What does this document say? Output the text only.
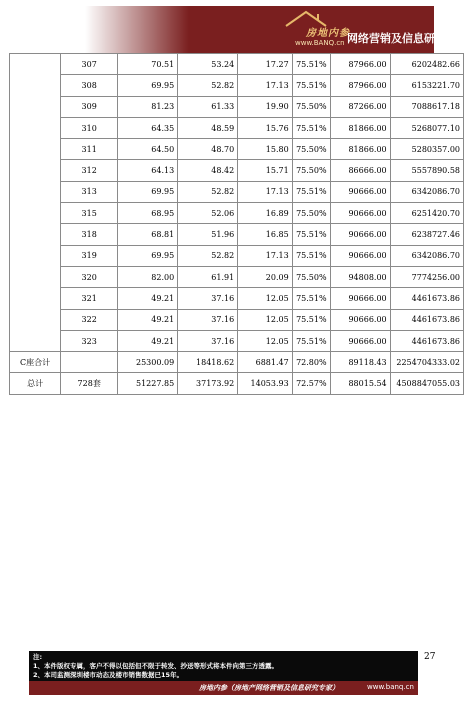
房地内参
www.BANQ.cn 网络营销及信息研究专家
	307	70.51	53.24	17.27	75.51%	87966.00	6202482.66
	308	69.95	52.82	17.13	75.51%	87966.00	6153221.70
	309	81.23	61.33	19.90	75.50%	87266.00	7088617.18
	310	64.35	48.59	15.76	75.51%	81866.00	5268077.10
	311	64.50	48.70	15.80	75.50%	81866.00	5280357.00
	312	64.13	48.42	15.71	75.50%	86666.00	5557890.58
	313	69.95	52.82	17.13	75.51%	90666.00	6342086.70
	315	68.95	52.06	16.89	75.50%	90666.00	6251420.70
	318	68.81	51.96	16.85	75.51%	90666.00	6238727.46
	319	69.95	52.82	17.13	75.51%	90666.00	6342086.70
	320	82.00	61.91	20.09	75.50%	94808.00	7774256.00
	321	49.21	37.16	12.05	75.51%	90666.00	4461673.86
	322	49.21	37.16	12.05	75.51%	90666.00	4461673.86
	323	49.21	37.16	12.05	75.51%	90666.00	4461673.86
C座合计		25300.09	18418.62	6881.47	72.80%	89118.43	2254704333.02
总计	728套	51227.85	37173.92	14053.93	72.57%	88015.54	4508847055.03
注:
1、本件版权专属，客户不得以包括但不限于转发、抄送等形式将本件向第三方透露。
2、本司监测深圳楼市动态及楼市销售数据已15年。
房地内参（房地产网络营销及信息研究专家）	www.banq.cn
27
